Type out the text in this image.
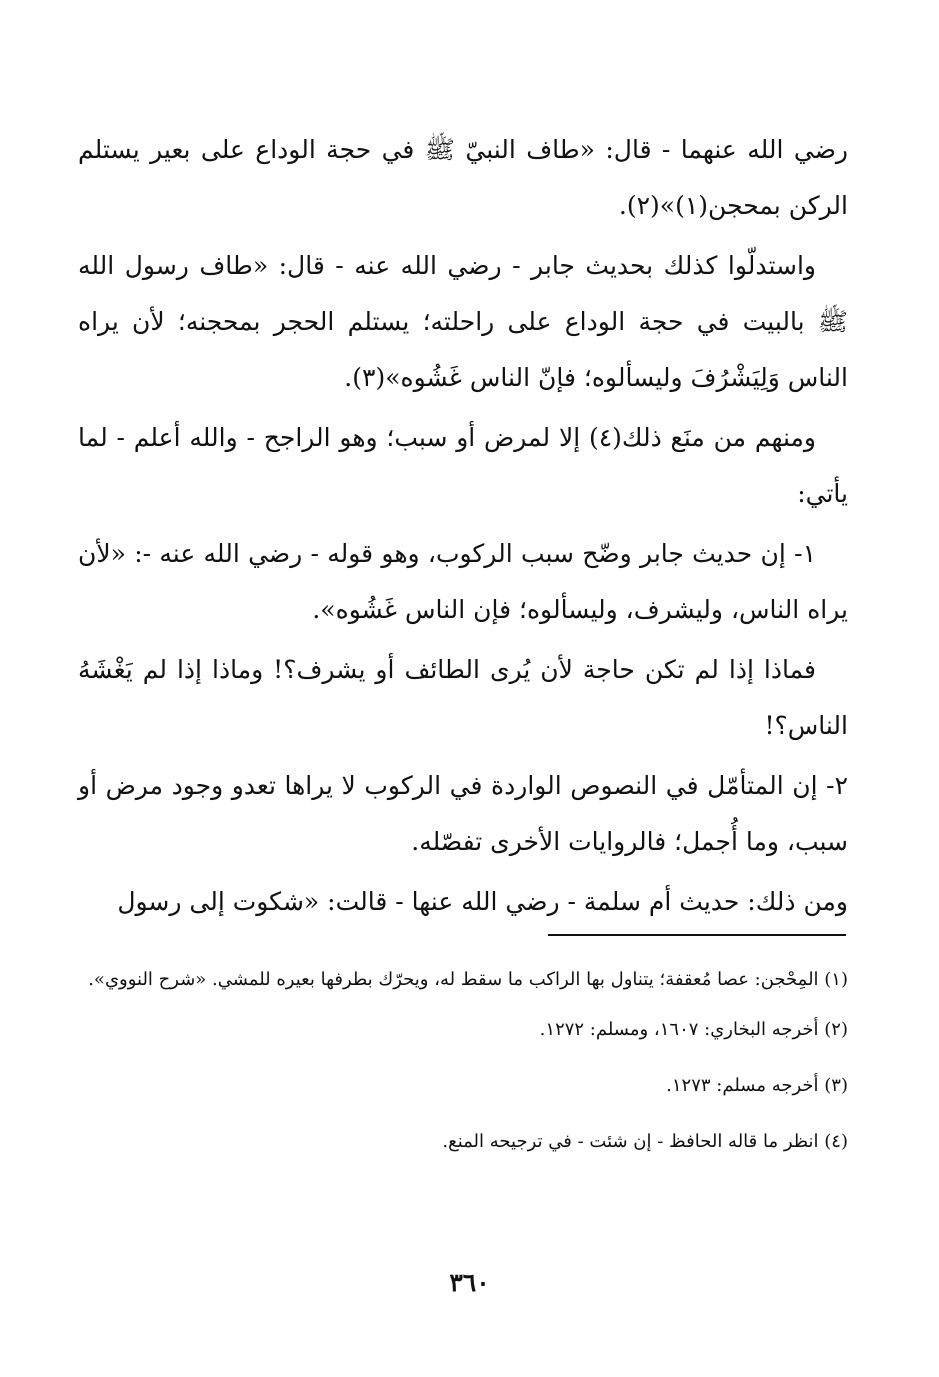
رضي الله عنهما - قال: «طاف النبيّ ﷺ في حجة الوداع على بعير يستلم الركن بمحجن(١)»(٢).

واستدلّوا كذلك بحديث جابر - رضي الله عنه - قال: «طاف رسول الله ﷺ بالبيت في حجة الوداع على راحلته؛ يستلم الحجر بمحجنه؛ لأن يراه الناس وَلِيَشْرُفَ وليسألوه؛ فإنّ الناس غَشُوه»(٣).

ومنهم من منَع ذلك(٤) إلا لمرض أو سبب؛ وهو الراجح - والله أعلم - لما يأتي:

١- إن حديث جابر وضّح سبب الركوب، وهو قوله - رضي الله عنه -: «لأن يراه الناس، وليشرف، وليسألوه؛ فإن الناس غَشُوه».

فماذا إذا لم تكن حاجة لأن يُرى الطائف أو يشرف؟! وماذا إذا لم يَغْشَهُ الناس؟!

٢- إن المتأمّل في النصوص الواردة في الركوب لا يراها تعدو وجود مرض أو سبب، وما أُجمل؛ فالروايات الأخرى تفصّله.

ومن ذلك: حديث أم سلمة - رضي الله عنها - قالت: «شكوت إلى رسول

(١) المِحْجن: عصا مُعقفة؛ يتناول بها الراكب ما سقط له، ويحرّك بطرفها بعيره للمشي. «شرح النووي».

(٢) أخرجه البخاري: ١٦٠٧، ومسلم: ١٢٧٢.

(٣) أخرجه مسلم: ١٢٧٣.

(٤) انظر ما قاله الحافظ - إن شئت - في ترجيحه المنع.

٣٦٠
